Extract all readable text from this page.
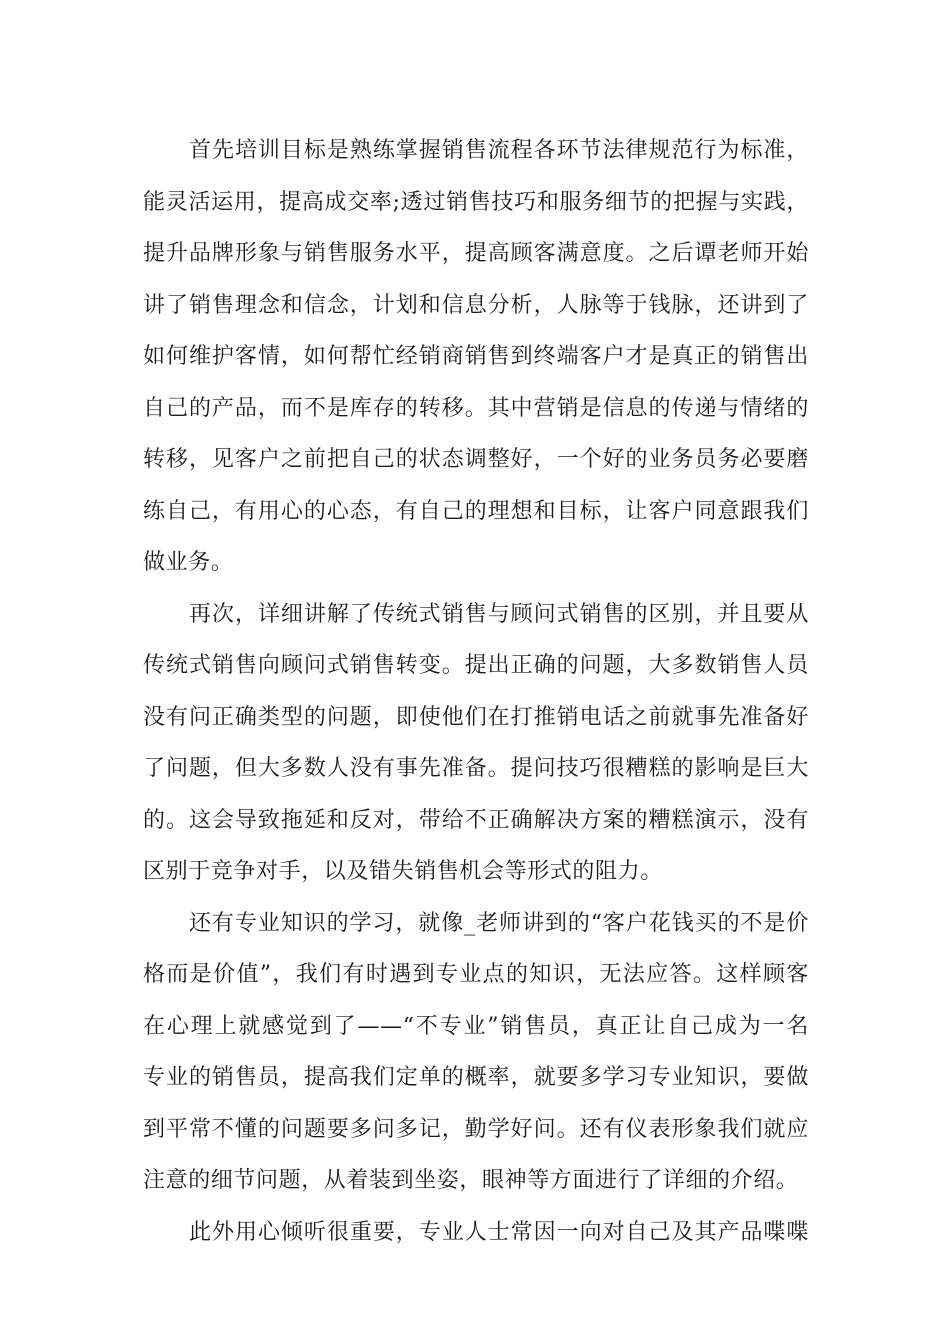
首先培训目标是熟练掌握销售流程各环节法律规范行为标准，
能灵活运用，提高成交率;透过销售技巧和服务细节的把握与实践，
提升品牌形象与销售服务水平，提高顾客满意度。之后谭老师开始
讲了销售理念和信念，计划和信息分析，人脉等于钱脉，还讲到了
如何维护客情，如何帮忙经销商销售到终端客户才是真正的销售出
自己的产品，而不是库存的转移。其中营销是信息的传递与情绪的
转移，见客户之前把自己的状态调整好，一个好的业务员务必要磨
练自己，有用心的心态，有自己的理想和目标，让客户同意跟我们
做业务。
再次，详细讲解了传统式销售与顾问式销售的区别，并且要从
传统式销售向顾问式销售转变。提出正确的问题，大多数销售人员
没有问正确类型的问题，即使他们在打推销电话之前就事先准备好
了问题，但大多数人没有事先准备。提问技巧很糟糕的影响是巨大
的。这会导致拖延和反对，带给不正确解决方案的糟糕演示，没有
区别于竞争对手，以及错失销售机会等形式的阻力。
还有专业知识的学习，就像_老师讲到的“客户花钱买的不是价
格而是价值”，我们有时遇到专业点的知识，无法应答。这样顾客
在心理上就感觉到了——“不专业”销售员，真正让自己成为一名
专业的销售员，提高我们定单的概率，就要多学习专业知识，要做
到平常不懂的问题要多问多记，勤学好问。还有仪表形象我们就应
注意的细节问题，从着装到坐姿，眼神等方面进行了详细的介绍。
此外用心倾听很重要，专业人士常因一向对自己及其产品喋喋
